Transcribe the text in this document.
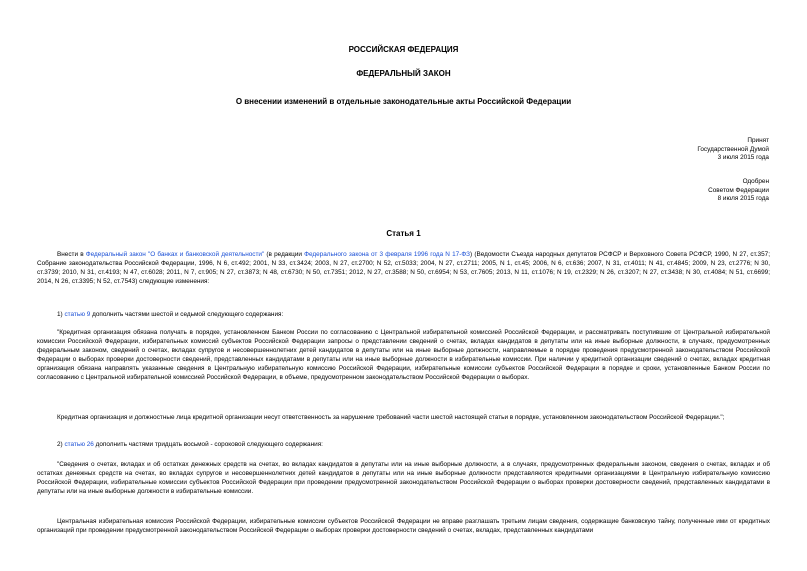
РОССИЙСКАЯ ФЕДЕРАЦИЯ
ФЕДЕРАЛЬНЫЙ ЗАКОН
О внесении изменений в отдельные законодательные акты Российской Федерации
Принят
Государственной Думой
3 июля 2015 года
Одобрен
Советом Федерации
8 июля 2015 года
Статья 1

Внести в Федеральный закон "О банках и банковской деятельности" (в редакции Федерального закона от 3 февраля 1996 года N 17-ФЗ) (Ведомости Съезда народных депутатов РСФСР и Верховного Совета РСФСР, 1990, N 27, ст.357; Собрание законодательства Российской Федерации, 1996, N 6, ст.492; 2001, N 33, ст.3424; 2003, N 27, ст.2700; N 52, ст.5033; 2004, N 27, ст.2711; 2005, N 1, ст.45; 2006, N 6, ст.636; 2007, N 31, ст.4011; N 41, ст.4845; 2009, N 23, ст.2776; N 30, ст.3739; 2010, N 31, ст.4193; N 47, ст.6028; 2011, N 7, ст.905; N 27, ст.3873; N 48, ст.6730; N 50, ст.7351; 2012, N 27, ст.3588; N 50, ст.6954; N 53, ст.7605; 2013, N 11, ст.1076; N 19, ст.2329; N 26, ст.3207; N 27, ст.3438; N 30, ст.4084; N 51, ст.6699; 2014, N 26, ст.3395; N 52, ст.7543) следующие изменения:

1) статью 9 дополнить частями шестой и седьмой следующего содержания:

"Кредитная организация обязана получать в порядке, установленном Банком России по согласованию с Центральной избирательной комиссией Российской Федерации, и рассматривать поступившие от Центральной избирательной комиссии Российской Федерации, избирательных комиссий субъектов Российской Федерации запросы о представлении сведений о счетах, вкладах кандидатов в депутаты или на иные выборные должности, в случаях, предусмотренных федеральным законом, сведений о счетах, вкладах супругов и несовершеннолетних детей кандидатов в депутаты или на иные выборные должности, направляемые в порядке проведения предусмотренной законодательством Российской Федерации о выборах проверки достоверности сведений, представленных кандидатами в депутаты или на иные выборные должности в избирательные комиссии. При наличии у кредитной организации сведений о счетах, вкладах кредитная организация обязана направлять указанные сведения в Центральную избирательную комиссию Российской Федерации, избирательные комиссии субъектов Российской Федерации в порядке и сроки, установленные Банком России по согласованию с Центральной избирательной комиссией Российской Федерации, в объеме, предусмотренном законодательством Российской Федерации о выборах.

Кредитная организация и должностные лица кредитной организации несут ответственность за нарушение требований части шестой настоящей статьи в порядке, установленном законодательством Российской Федерации.";

2) статью 26 дополнить частями тридцать восьмой - сороковой следующего содержания:

"Сведения о счетах, вкладах и об остатках денежных средств на счетах, во вкладах кандидатов в депутаты или на иные выборные должности, а в случаях, предусмотренных федеральным законом, сведения о счетах, вкладах и об остатках денежных средств на счетах, во вкладах супругов и несовершеннолетних детей кандидатов в депутаты или на иные выборные должности представляются кредитными организациями в Центральную избирательную комиссию Российской Федерации, избирательные комиссии субъектов Российской Федерации при проведении предусмотренной законодательством Российской Федерации о выборах проверки достоверности сведений, представленных кандидатами в депутаты или на иные выборные должности в избирательные комиссии.

Центральная избирательная комиссия Российской Федерации, избирательные комиссии субъектов Российской Федерации не вправе разглашать третьим лицам сведения, содержащие банковскую тайну, полученные ими от кредитных организаций при проведении предусмотренной законодательством Российской Федерации о выборах проверки достоверности сведений о счетах, вкладах, представленных кандидатами
